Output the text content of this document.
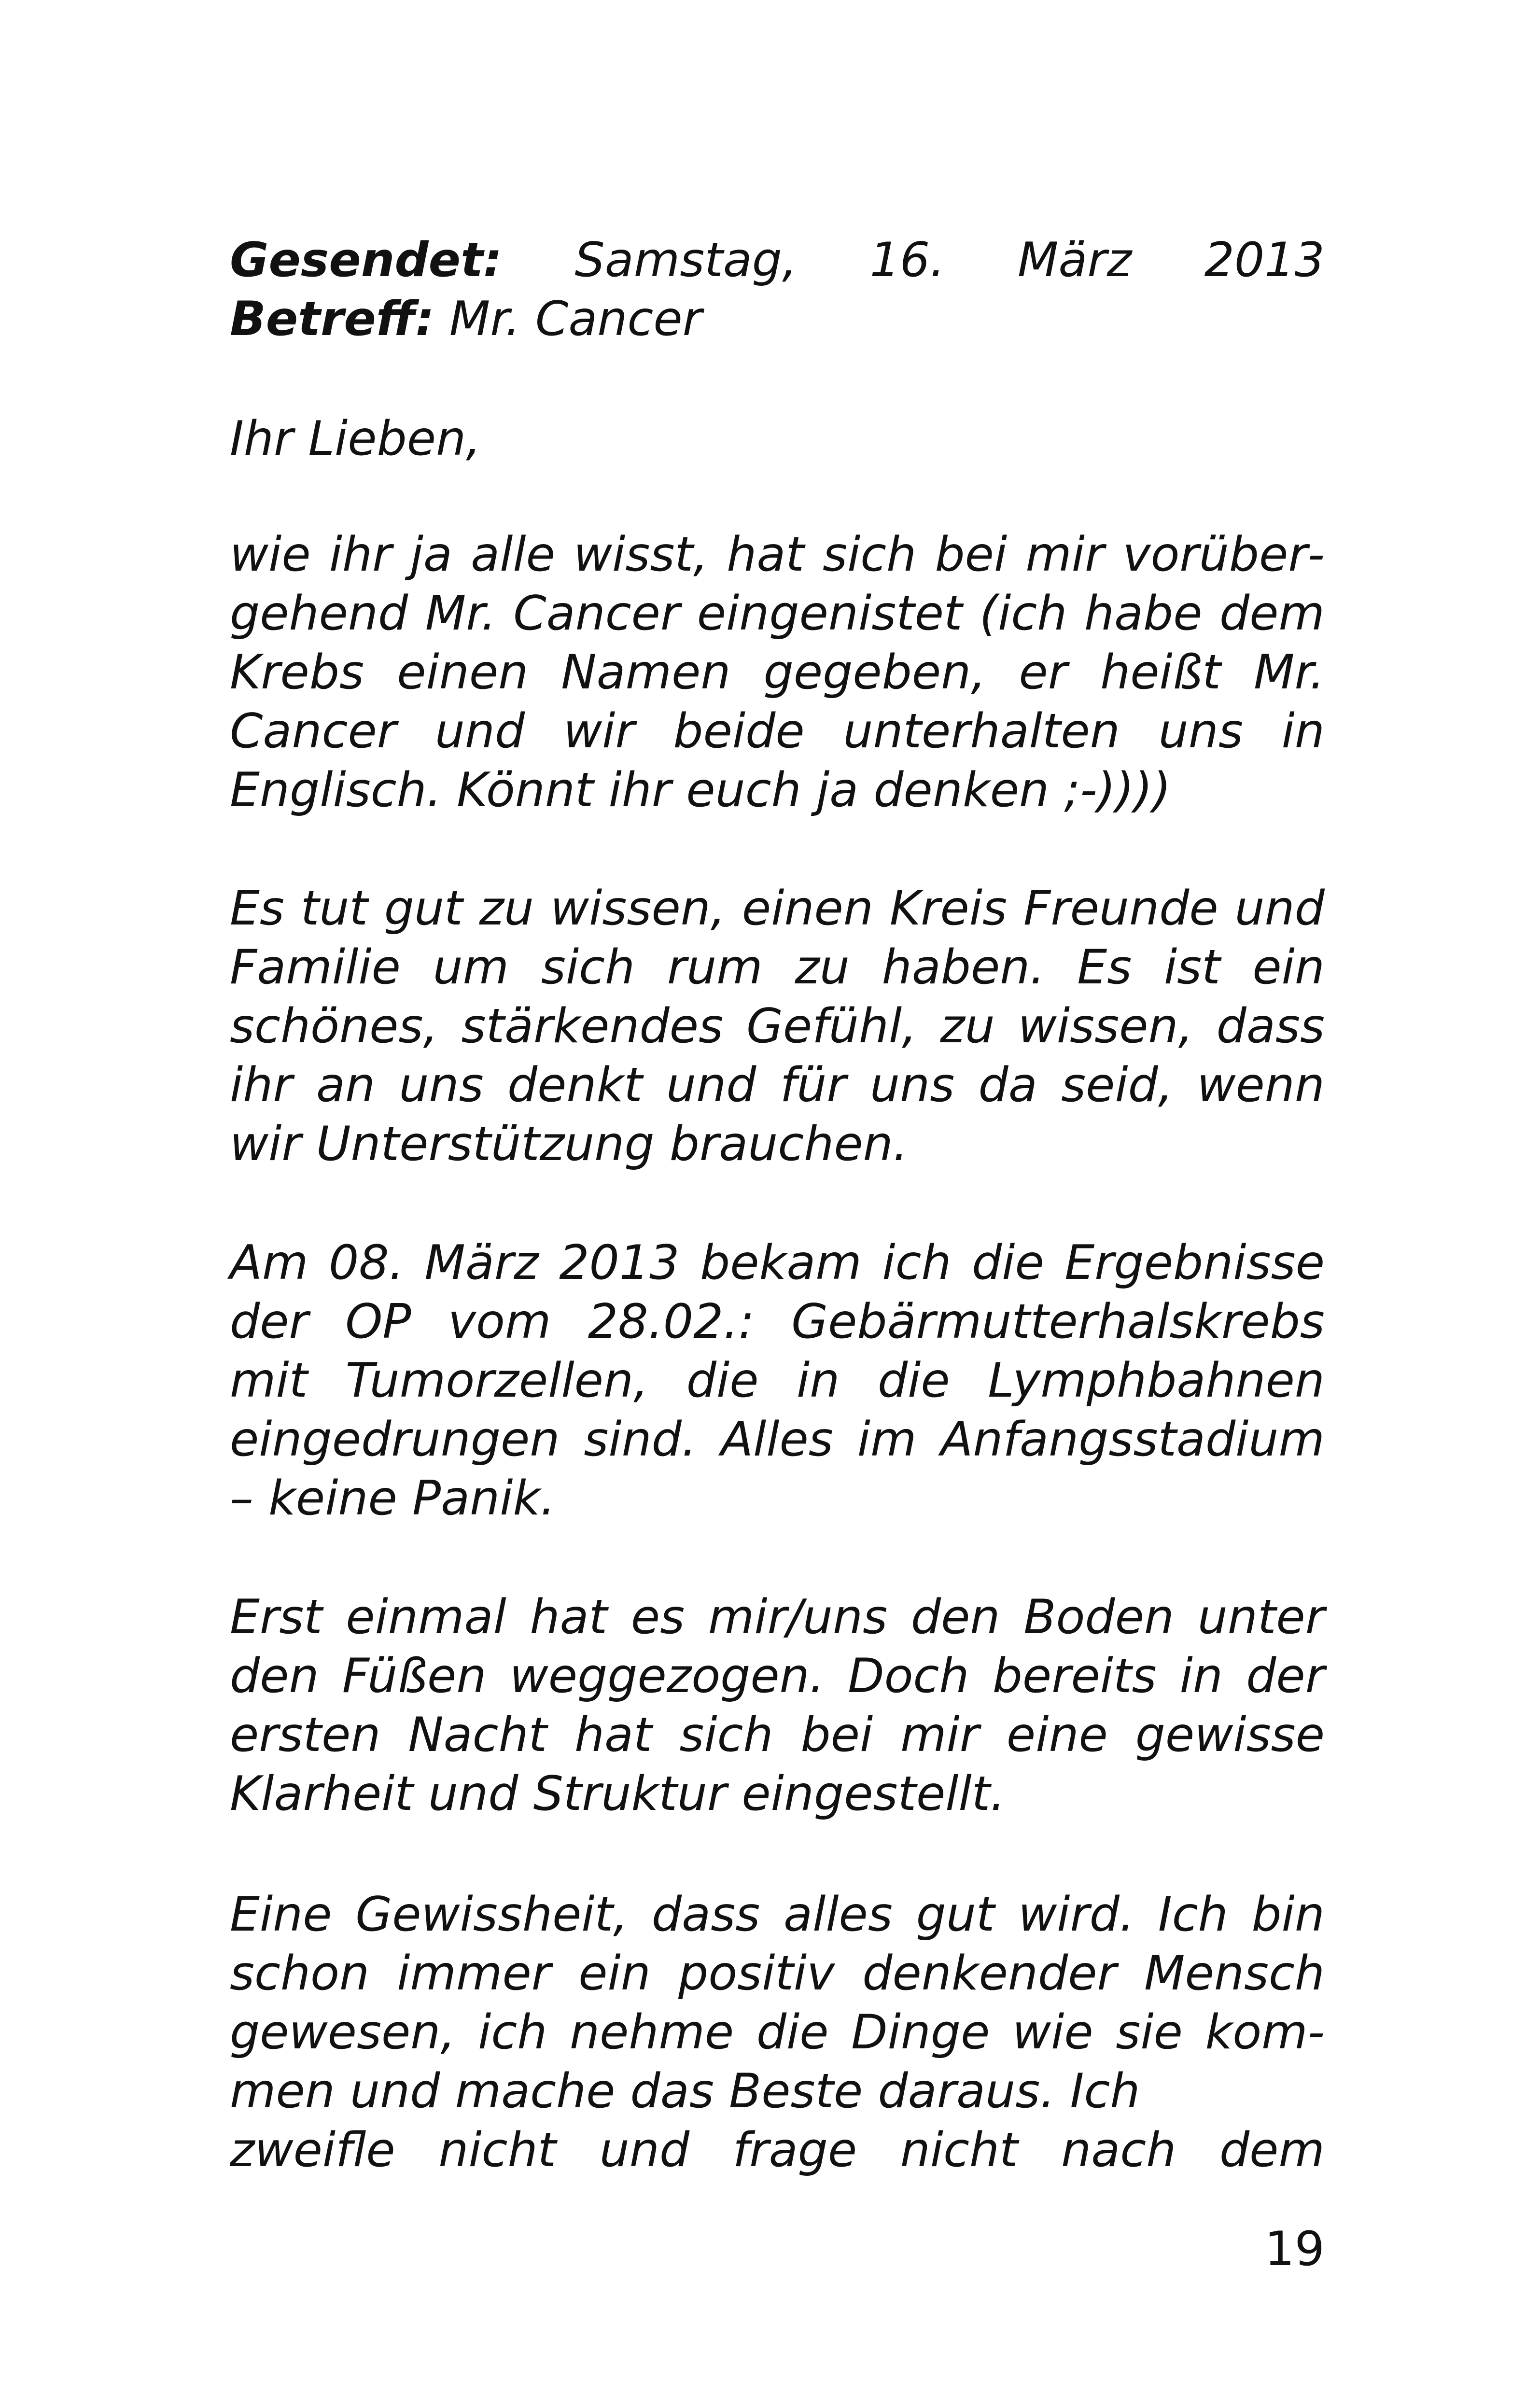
Gesendet: Samstag, 16. März 2013

Betreff: Mr. Cancer

Ihr Lieben,

wie ihr ja alle wisst, hat sich bei mir vorübergehend Mr. Cancer eingenistet (ich habe dem Krebs einen Namen gegeben, er heißt Mr. Cancer und wir beide unterhalten uns in Englisch. Könnt ihr euch ja denken ;-))))

Es tut gut zu wissen, einen Kreis Freunde und Familie um sich rum zu haben. Es ist ein schönes, stärkendes Gefühl, zu wissen, dass ihr an uns denkt und für uns da seid, wenn wir Unterstützung brauchen.

Am 08. März 2013 bekam ich die Ergebnisse der OP vom 28.02.: Gebärmutterhalskrebs mit Tumorzellen, die in die Lymphbahnen eingedrungen sind. Alles im Anfangsstadium – keine Panik.

Erst einmal hat es mir/uns den Boden unter den Füßen weggezogen. Doch bereits in der ersten Nacht hat sich bei mir eine gewisse Klarheit und Struktur eingestellt.

Eine Gewissheit, dass alles gut wird. Ich bin schon immer ein positiv denkender Mensch gewesen, ich nehme die Dinge wie sie kommen und mache das Beste daraus. Ich
zweifle nicht und frage nicht nach dem
19
